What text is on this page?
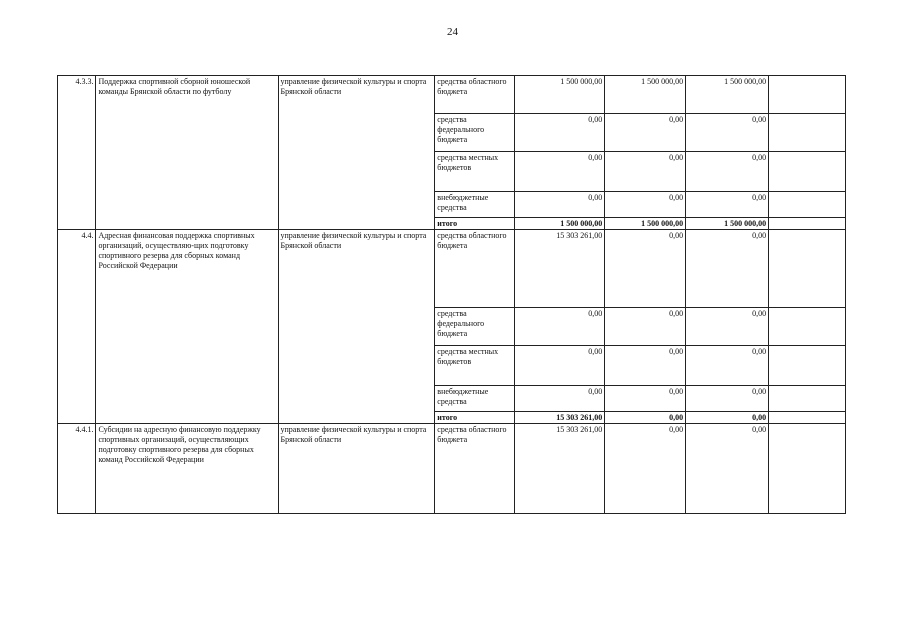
24
4.3.3.	Поддержка спортивной сборной юношеской команды Брянской области по футболу	управление физической культуры и спорта Брянской области	средства областного бюджета	1 500 000,00	1 500 000,00	1 500 000,00	
			средства федерального бюджета	0,00	0,00	0,00	
			средства местных бюджетов	0,00	0,00	0,00	
			внебюджетные средства	0,00	0,00	0,00	
			итого	1 500 000,00	1 500 000,00	1 500 000,00	
4.4.	Адресная финансовая поддержка спортивных организаций, осуществляю-щих подготовку спортивного резерва для сборных команд Российской Федерации	управление физической культуры и спорта Брянской области	средства областного бюджета	15 303 261,00	0,00	0,00	
			средства федерального бюджета	0,00	0,00	0,00	
			средства местных бюджетов	0,00	0,00	0,00	
			внебюджетные средства	0,00	0,00	0,00	
			итого	15 303 261,00	0,00	0,00	
4.4.1.	Субсидии на адресную финансовую поддержку спортивных организаций, осуществляющих подготовку спортивного резерва для сборных команд Российской Федерации	управление физической культуры и спорта Брянской области	средства областного бюджета	15 303 261,00	0,00	0,00	
